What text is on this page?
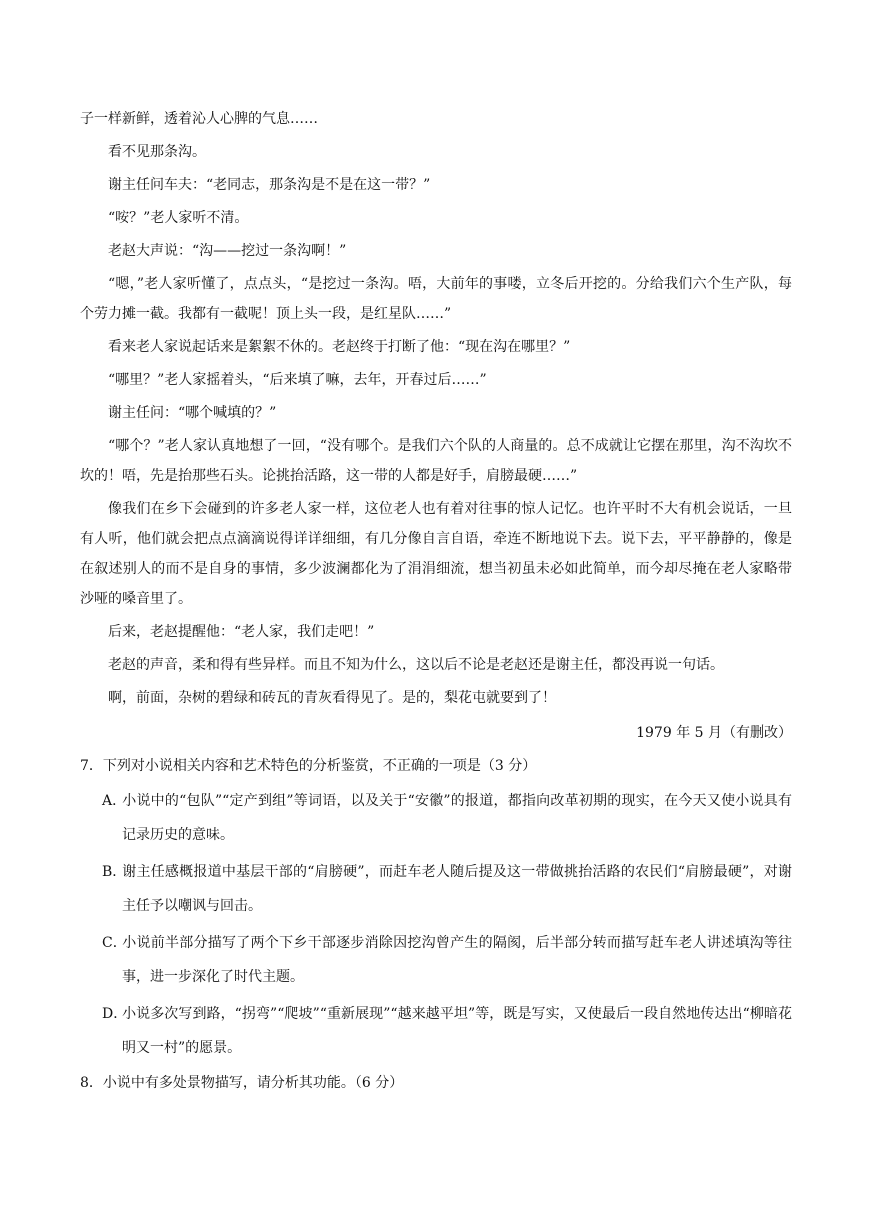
子一样新鲜，透着沁人心脾的气息……

看不见那条沟。

谢主任问车夫：“老同志，那条沟是不是在这一带？”

“咹？”老人家听不清。

老赵大声说：“沟——挖过一条沟啊！”

“嗯，”老人家听懂了，点点头，“是挖过一条沟。唔，大前年的事喽，立冬后开挖的。分给我们六个生产队，每个劳力摊一截。我都有一截呢！顶上头一段，是红星队……”

看来老人家说起话来是絮絮不休的。老赵终于打断了他：“现在沟在哪里？”

“哪里？”老人家摇着头，“后来填了嘛，去年，开春过后……”

谢主任问：“哪个喊填的？”

“哪个？”老人家认真地想了一回，“没有哪个。是我们六个队的人商量的。总不成就让它摆在那里，沟不沟坎不坎的！唔，先是抬那些石头。论挑抬活路，这一带的人都是好手，肩膀最硬……”

像我们在乡下会碰到的许多老人家一样，这位老人也有着对往事的惊人记忆。也许平时不大有机会说话，一旦有人听，他们就会把点点滴滴说得详详细细，有几分像自言自语，牵连不断地说下去。说下去，平平静静的，像是在叙述别人的而不是自身的事情，多少波澜都化为了涓涓细流，想当初虽未必如此简单，而今却尽掩在老人家略带沙哑的嗓音里了。

后来，老赵提醒他：“老人家，我们走吧！”

老赵的声音，柔和得有些异样。而且不知为什么，这以后不论是老赵还是谢主任，都没再说一句话。

啊，前面，杂树的碧绿和砖瓦的青灰看得见了。是的，梨花屯就要到了！

1979 年 5 月（有删改）

7．下列对小说相关内容和艺术特色的分析鉴赏，不正确的一项是（3 分）

A．小说中的“包队”“定产到组”等词语，以及关于“安徽”的报道，都指向改革初期的现实，在今天又使小说具有记录历史的意味。

B．谢主任感概报道中基层干部的“肩膀硬”，而赶车老人随后提及这一带做挑抬活路的农民们“肩膀最硬”，对谢主任予以嘲讽与回击。

C．小说前半部分描写了两个下乡干部逐步消除因挖沟曾产生的隔阂，后半部分转而描写赶车老人讲述填沟等往事，进一步深化了时代主题。

D．小说多次写到路，“拐弯”“爬坡”“重新展现”“越来越平坦”等，既是写实，又使最后一段自然地传达出“柳暗花明又一村”的愿景。

8．小说中有多处景物描写，请分析其功能。（6 分）
